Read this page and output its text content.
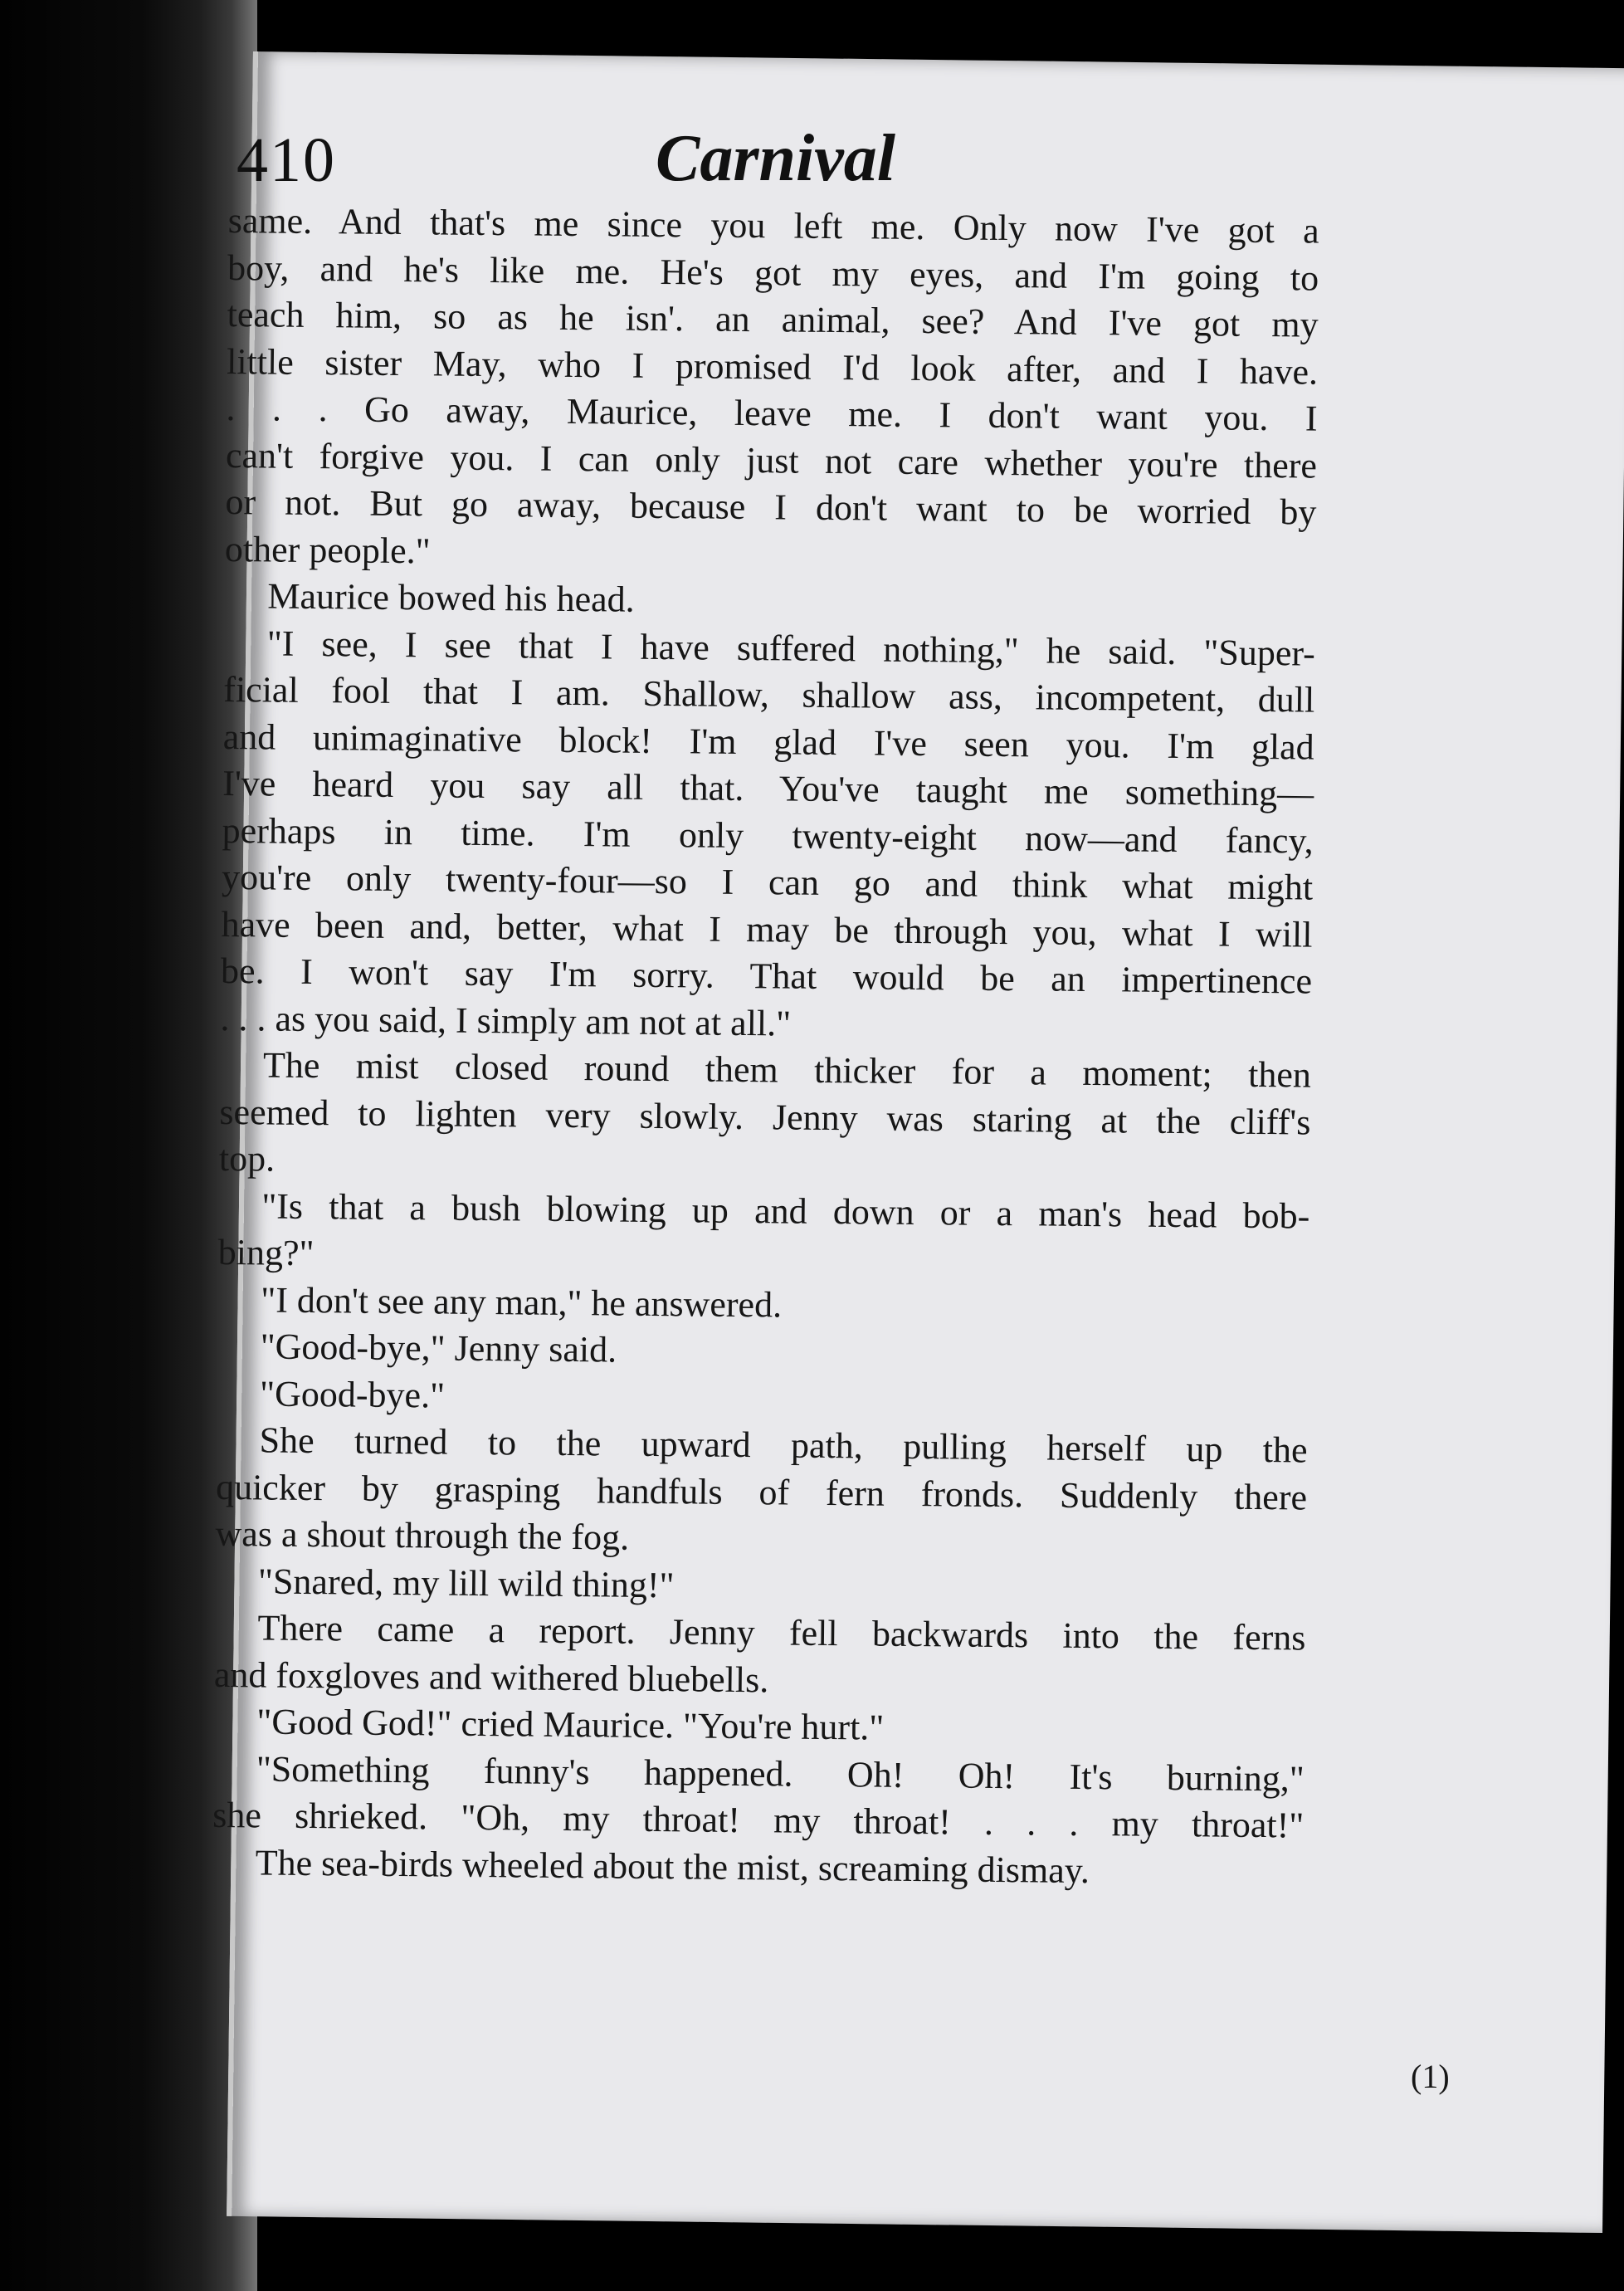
410	Carnival
same. And that's me since you left me. Only now I've got a
boy, and he's like me. He's got my eyes, and I'm going to
teach him, so as he isn'. an animal, see? And I've got my
little sister May, who I promised I'd look after, and I have.
. . . Go away, Maurice, leave me. I don't want you. I
can't forgive you. I can only just not care whether you're there
or not. But go away, because I don't want to be worried by
other people."
Maurice bowed his head.
"I see, I see that I have suffered nothing," he said. "Super-
ficial fool that I am. Shallow, shallow ass, incompetent, dull
and unimaginative block! I'm glad I've seen you. I'm glad
I've heard you say all that. You've taught me something—
perhaps in time. I'm only twenty-eight now—and fancy,
you're only twenty-four—so I can go and think what might
have been and, better, what I may be through you, what I will
be. I won't say I'm sorry. That would be an impertinence
. . . as you said, I simply am not at all."
The mist closed round them thicker for a moment; then
seemed to lighten very slowly. Jenny was staring at the cliff's
top.
"Is that a bush blowing up and down or a man's head bob-
bing?"
"I don't see any man," he answered.
"Good-bye," Jenny said.
"Good-bye."
She turned to the upward path, pulling herself up the
quicker by grasping handfuls of fern fronds. Suddenly there
was a shout through the fog.
"Snared, my lill wild thing!"
There came a report. Jenny fell backwards into the ferns
and foxgloves and withered bluebells.
"Good God!" cried Maurice. "You're hurt."
"Something funny's happened. Oh! Oh! It's burning,"
she shrieked. "Oh, my throat! my throat! . . . my throat!"
The sea-birds wheeled about the mist, screaming dismay.
(1)
